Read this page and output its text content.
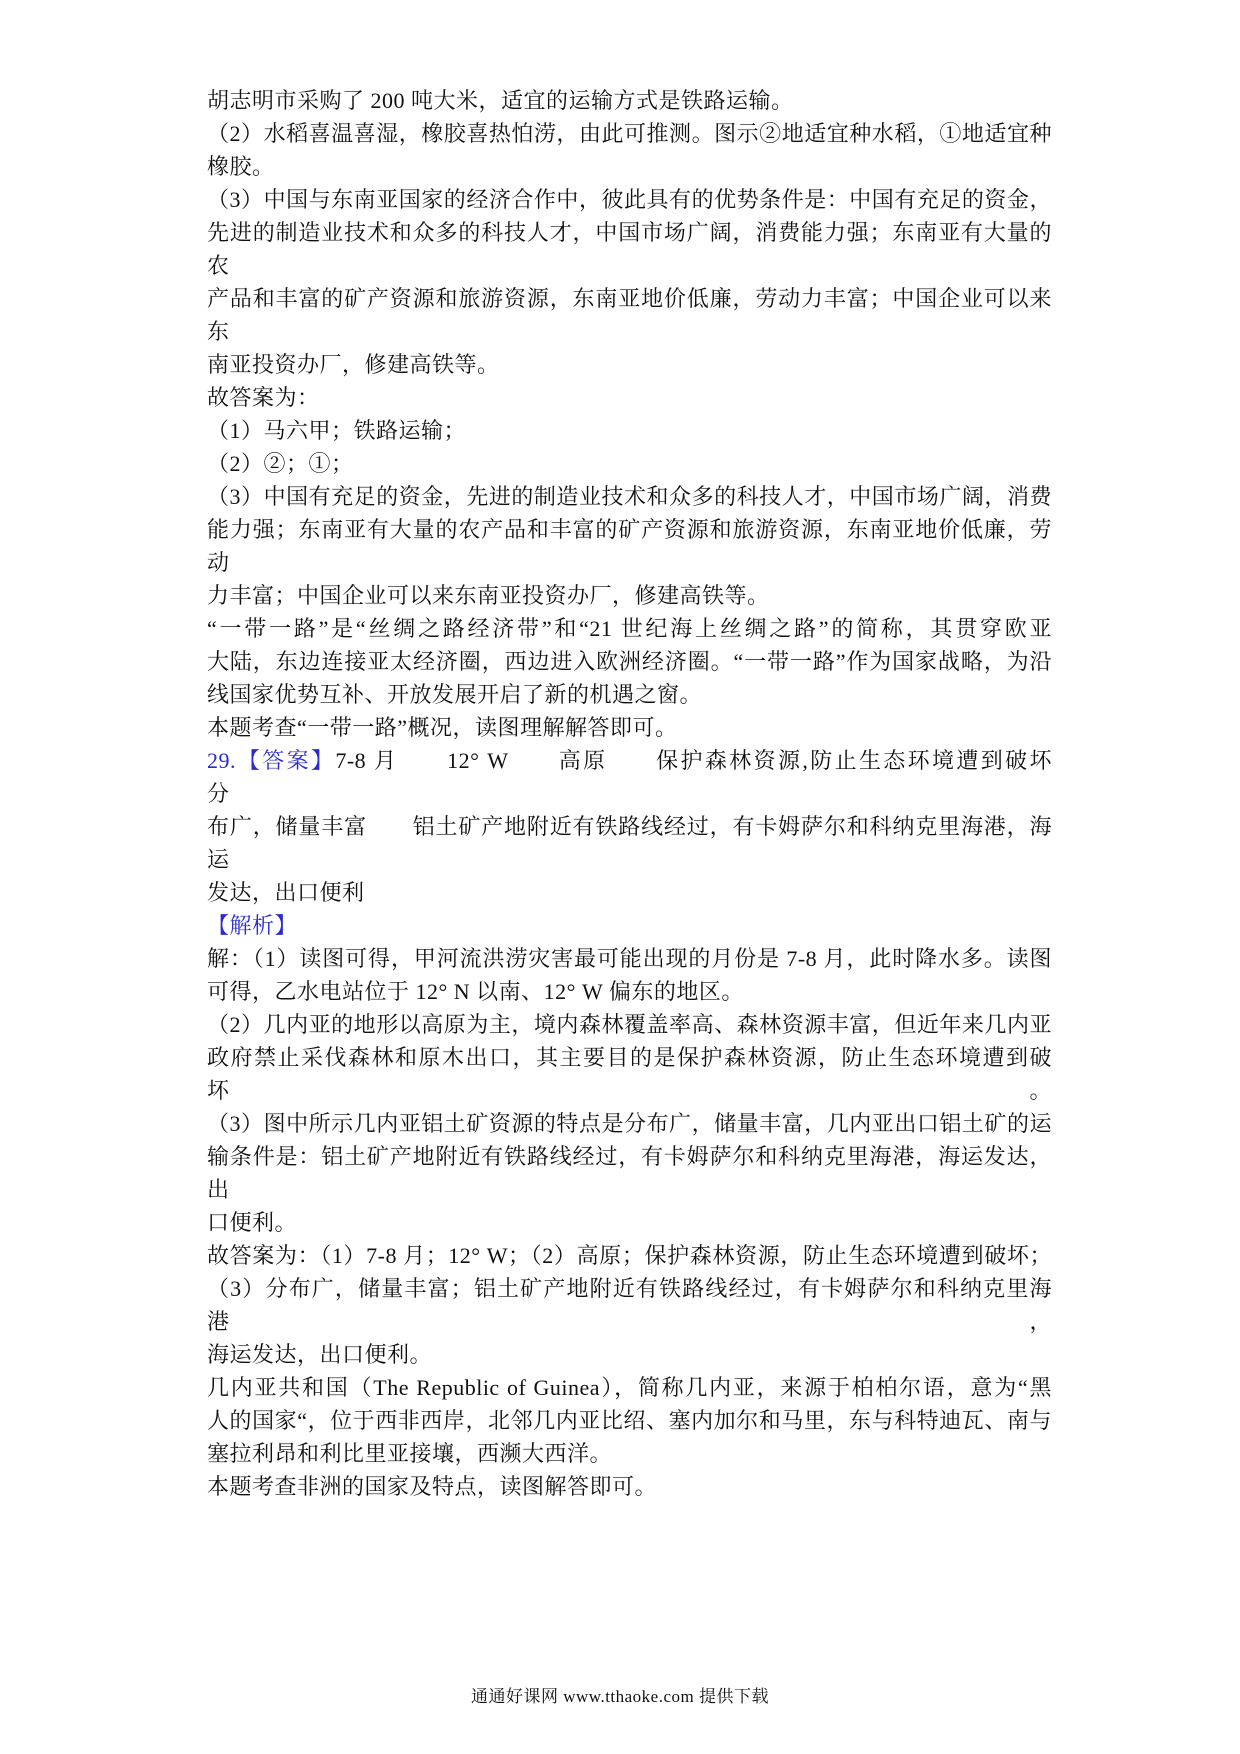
胡志明市采购了 200 吨大米，适宜的运输方式是铁路运输。
（2）水稻喜温喜湿，橡胶喜热怕涝，由此可推测。图示②地适宜种水稻，①地适宜种
橡胶。
（3）中国与东南亚国家的经济合作中，彼此具有的优势条件是：中国有充足的资金，
先进的制造业技术和众多的科技人才，中国市场广阔，消费能力强；东南亚有大量的农
产品和丰富的矿产资源和旅游资源，东南亚地价低廉，劳动力丰富；中国企业可以来东
南亚投资办厂，修建高铁等。
故答案为：
（1）马六甲；铁路运输；
（2）②；①；
（3）中国有充足的资金，先进的制造业技术和众多的科技人才，中国市场广阔，消费
能力强；东南亚有大量的农产品和丰富的矿产资源和旅游资源，东南亚地价低廉，劳动
力丰富；中国企业可以来东南亚投资办厂，修建高铁等。
“一带一路”是“丝绸之路经济带”和“21 世纪海上丝绸之路”的简称，其贯穿欧亚
大陆，东边连接亚太经济圈，西边进入欧洲经济圈。“一带一路”作为国家战略，为沿
线国家优势互补、开放发展开启了新的机遇之窗。
本题考查“一带一路”概况，读图理解解答即可。
29.【答案】7-8 月　　12° W　　高原　　保护森林资源,防止生态环境遭到破坏　　分
布广，储量丰富　　铝土矿产地附近有铁路线经过，有卡姆萨尔和科纳克里海港，海运
发达，出口便利
【解析】
解：（1）读图可得，甲河流洪涝灾害最可能出现的月份是 7-8 月，此时降水多。读图
可得，乙水电站位于 12° N 以南、12° W 偏东的地区。
（2）几内亚的地形以高原为主，境内森林覆盖率高、森林资源丰富，但近年来几内亚
政府禁止采伐森林和原木出口，其主要目的是保护森林资源，防止生态环境遭到破坏。
（3）图中所示几内亚铝土矿资源的特点是分布广，储量丰富，几内亚出口铝土矿的运
输条件是：铝土矿产地附近有铁路线经过，有卡姆萨尔和科纳克里海港，海运发达，出
口便利。
故答案为：（1）7-8 月；12° W；（2）高原；保护森林资源，防止生态环境遭到破坏；
（3）分布广，储量丰富；铝土矿产地附近有铁路线经过，有卡姆萨尔和科纳克里海港，
海运发达，出口便利。
几内亚共和国（The Republic of Guinea），简称几内亚，来源于柏柏尔语，意为“黑
人的国家“，位于西非西岸，北邻几内亚比绍、塞内加尔和马里，东与科特迪瓦、南与
塞拉利昂和利比里亚接壤，西濒大西洋。
本题考查非洲的国家及特点，读图解答即可。
通通好课网 www.tthaoke.com 提供下载
